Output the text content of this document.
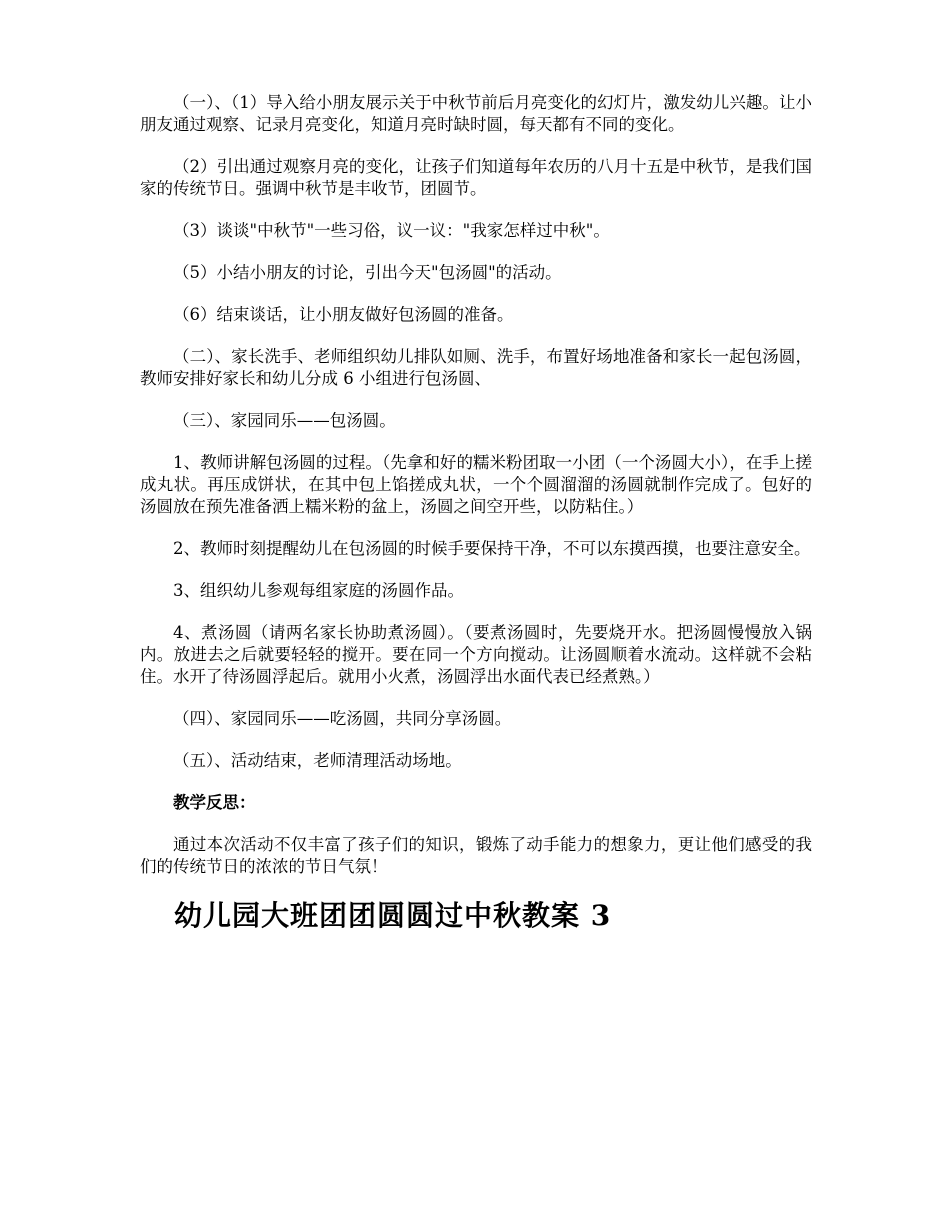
（一）、（1）导入给小朋友展示关于中秋节前后月亮变化的幻灯片，激发幼儿兴趣。让小朋友通过观察、记录月亮变化，知道月亮时缺时圆，每天都有不同的变化。

（2）引出通过观察月亮的变化，让孩子们知道每年农历的八月十五是中秋节，是我们国家的传统节日。强调中秋节是丰收节，团圆节。

（3）谈谈"中秋节"一些习俗，议一议："我家怎样过中秋"。

（5）小结小朋友的讨论，引出今天"包汤圆"的活动。

（6）结束谈话，让小朋友做好包汤圆的准备。

（二）、家长洗手、老师组织幼儿排队如厕、洗手，布置好场地准备和家长一起包汤圆，教师安排好家长和幼儿分成 6 小组进行包汤圆、

（三）、家园同乐——包汤圆。

1、教师讲解包汤圆的过程。（先拿和好的糯米粉团取一小团（一个汤圆大小），在手上搓成丸状。再压成饼状，在其中包上馅搓成丸状，一个个圆溜溜的汤圆就制作完成了。包好的汤圆放在预先准备洒上糯米粉的盆上，汤圆之间空开些，以防粘住。）

2、教师时刻提醒幼儿在包汤圆的时候手要保持干净，不可以东摸西摸，也要注意安全。

3、组织幼儿参观每组家庭的汤圆作品。

4、煮汤圆（请两名家长协助煮汤圆）。（要煮汤圆时，先要烧开水。把汤圆慢慢放入锅内。放进去之后就要轻轻的搅开。要在同一个方向搅动。让汤圆顺着水流动。这样就不会粘住。水开了待汤圆浮起后。就用小火煮，汤圆浮出水面代表已经煮熟。）

（四）、家园同乐——吃汤圆，共同分享汤圆。

（五）、活动结束，老师清理活动场地。

教学反思：

通过本次活动不仅丰富了孩子们的知识，锻炼了动手能力的想象力，更让他们感受的我们的传统节日的浓浓的节日气氛！

幼儿园大班团团圆圆过中秋教案 3
